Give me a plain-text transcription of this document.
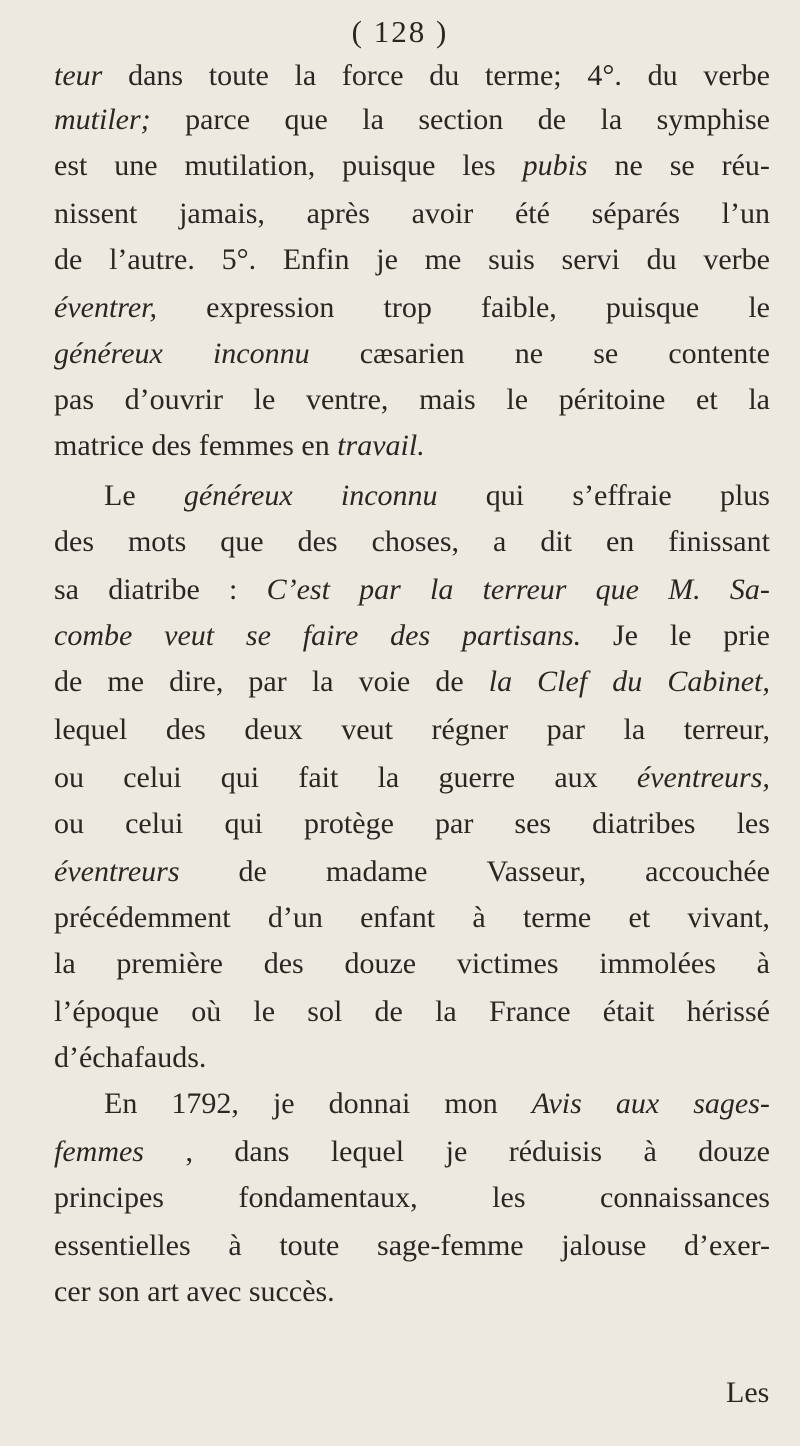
( 128 )
teur dans toute la force du terme; 4°. du verbe
mutiler; parce que la section de la symphise
est une mutilation, puisque les pubis ne se réu-
nissent jamais, après avoir été séparés l’un
de l’autre. 5°. Enfin je me suis servi du verbe
éventrer, expression trop faible, puisque le
généreux inconnu cæsarien ne se contente
pas d’ouvrir le ventre, mais le péritoine et la
matrice des femmes en travail.
Le généreux inconnu qui s’effraie plus
des mots que des choses, a dit en finissant
sa diatribe : C’est par la terreur que M. Sa-
combe veut se faire des partisans. Je le prie
de me dire, par la voie de la Clef du Cabinet,
lequel des deux veut régner par la terreur,
ou celui qui fait la guerre aux éventreurs,
ou celui qui protège par ses diatribes les
éventreurs de madame Vasseur, accouchée
précédemment d’un enfant à terme et vivant,
la première des douze victimes immolées à
l’époque où le sol de la France était hérissé
d’échafauds.
En 1792, je donnai mon Avis aux sages-
femmes , dans lequel je réduisis à douze
principes fondamentaux, les connaissances
essentielles à toute sage-femme jalouse d’exer-
cer son art avec succès.
Les
